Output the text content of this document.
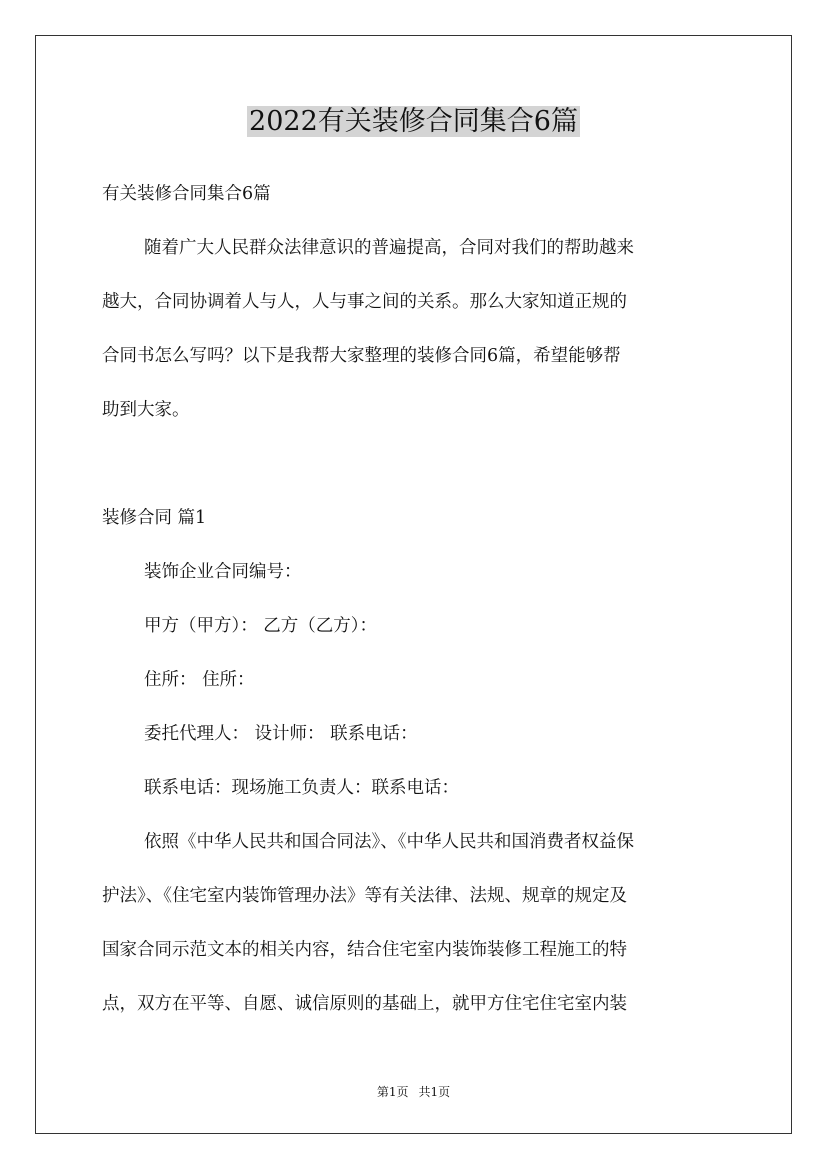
2022有关装修合同集合6篇

有关装修合同集合6篇

随着广大人民群众法律意识的普遍提高，合同对我们的帮助越来

越大，合同协调着人与人，人与事之间的关系。那么大家知道正规的

合同书怎么写吗？以下是我帮大家整理的装修合同6篇，希望能够帮

助到大家。

装修合同 篇1

装饰企业合同编号：

甲方（甲方）： 乙方（乙方）：

住所： 住所：

委托代理人： 设计师： 联系电话：

联系电话：现场施工负责人：联系电话：

依照《中华人民共和国合同法》、《中华人民共和国消费者权益保

护法》、《住宅室内装饰管理办法》等有关法律、法规、规章的规定及

国家合同示范文本的相关内容，结合住宅室内装饰装修工程施工的特

点，双方在平等、自愿、诚信原则的基础上，就甲方住宅住宅室内装

第1页 共1页
